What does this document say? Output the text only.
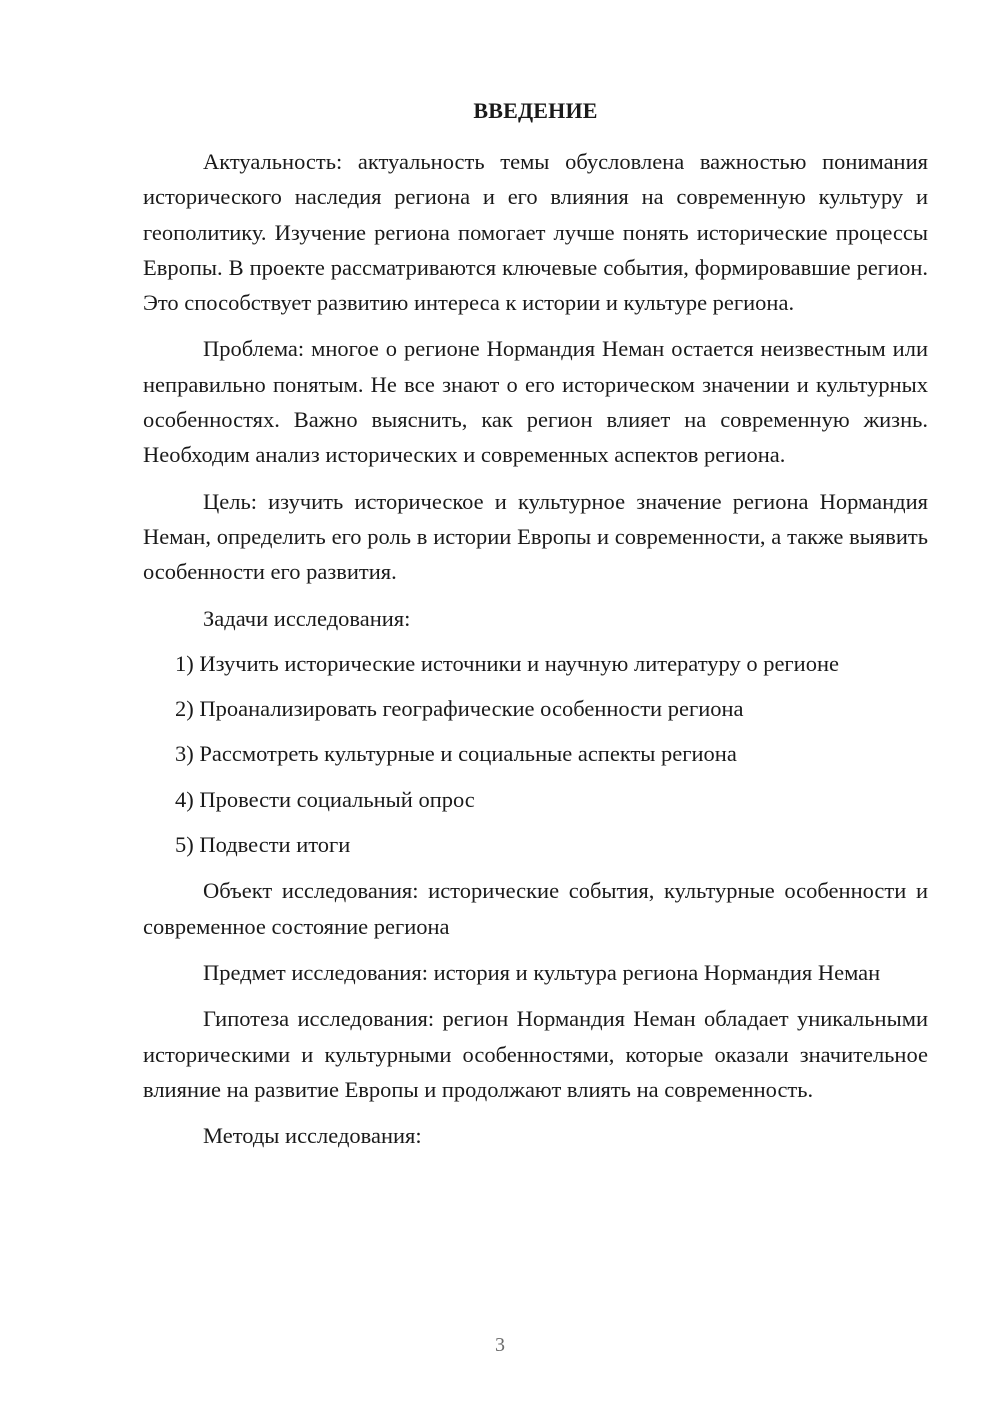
ВВЕДЕНИЕ

Актуальность: актуальность темы обусловлена важностью понимания исторического наследия региона и его влияния на современную культуру и геополитику. Изучение региона помогает лучше понять исторические процессы Европы. В проекте рассматриваются ключевые события, формировавшие регион. Это способствует развитию интереса к истории и культуре региона.

Проблема: многое о регионе Нормандия Неман остается неизвестным или неправильно понятым. Не все знают о его историческом значении и культурных особенностях. Важно выяснить, как регион влияет на современную жизнь. Необходим анализ исторических и современных аспектов региона.

Цель: изучить историческое и культурное значение региона Нормандия Неман, определить его роль в истории Европы и современности, а также выявить особенности его развития.

Задачи исследования:

1) Изучить исторические источники и научную литературу о регионе

2) Проанализировать географические особенности региона

3) Рассмотреть культурные и социальные аспекты региона

4) Провести социальный опрос

5) Подвести итоги

Объект исследования: исторические события, культурные особенности и современное состояние региона

Предмет исследования: история и культура региона Нормандия Неман

Гипотеза исследования: регион Нормандия Неман обладает уникальными историческими и культурными особенностями, которые оказали значительное влияние на развитие Европы и продолжают влиять на современность.

Методы исследования:

3
